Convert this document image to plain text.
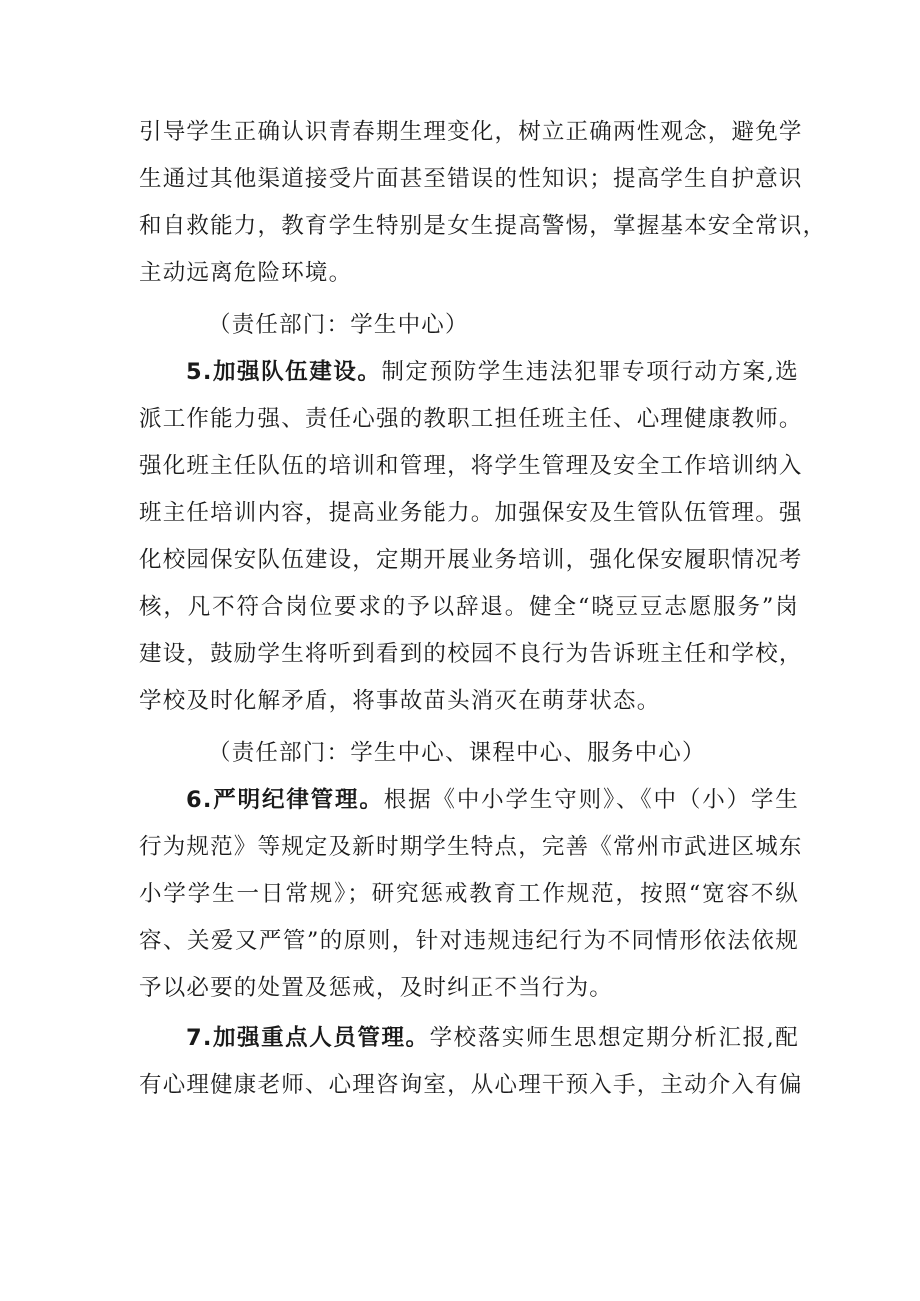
引导学生正确认识青春期生理变化，树立正确两性观念，避免学
生通过其他渠道接受片面甚至错误的性知识；提高学生自护意识
和自救能力，教育学生特别是女生提高警惕，掌握基本安全常识，
主动远离危险环境。
（责任部门：学生中心）
5.加强队伍建设。制定预防学生违法犯罪专项行动方案,选
派工作能力强、责任心强的教职工担任班主任、心理健康教师。
强化班主任队伍的培训和管理，将学生管理及安全工作培训纳入
班主任培训内容，提高业务能力。加强保安及生管队伍管理。强
化校园保安队伍建设，定期开展业务培训，强化保安履职情况考
核，凡不符合岗位要求的予以辞退。健全“晓豆豆志愿服务”岗
建设，鼓励学生将听到看到的校园不良行为告诉班主任和学校，
学校及时化解矛盾，将事故苗头消灭在萌芽状态。
（责任部门：学生中心、课程中心、服务中心）
6.严明纪律管理。根据《中小学生守则》、《中（小）学生
行为规范》等规定及新时期学生特点，完善《常州市武进区城东
小学学生一日常规》；研究惩戒教育工作规范，按照“宽容不纵
容、关爱又严管”的原则，针对违规违纪行为不同情形依法依规
予以必要的处置及惩戒，及时纠正不当行为。
7.加强重点人员管理。学校落实师生思想定期分析汇报,配
有心理健康老师、心理咨询室，从心理干预入手，主动介入有偏
